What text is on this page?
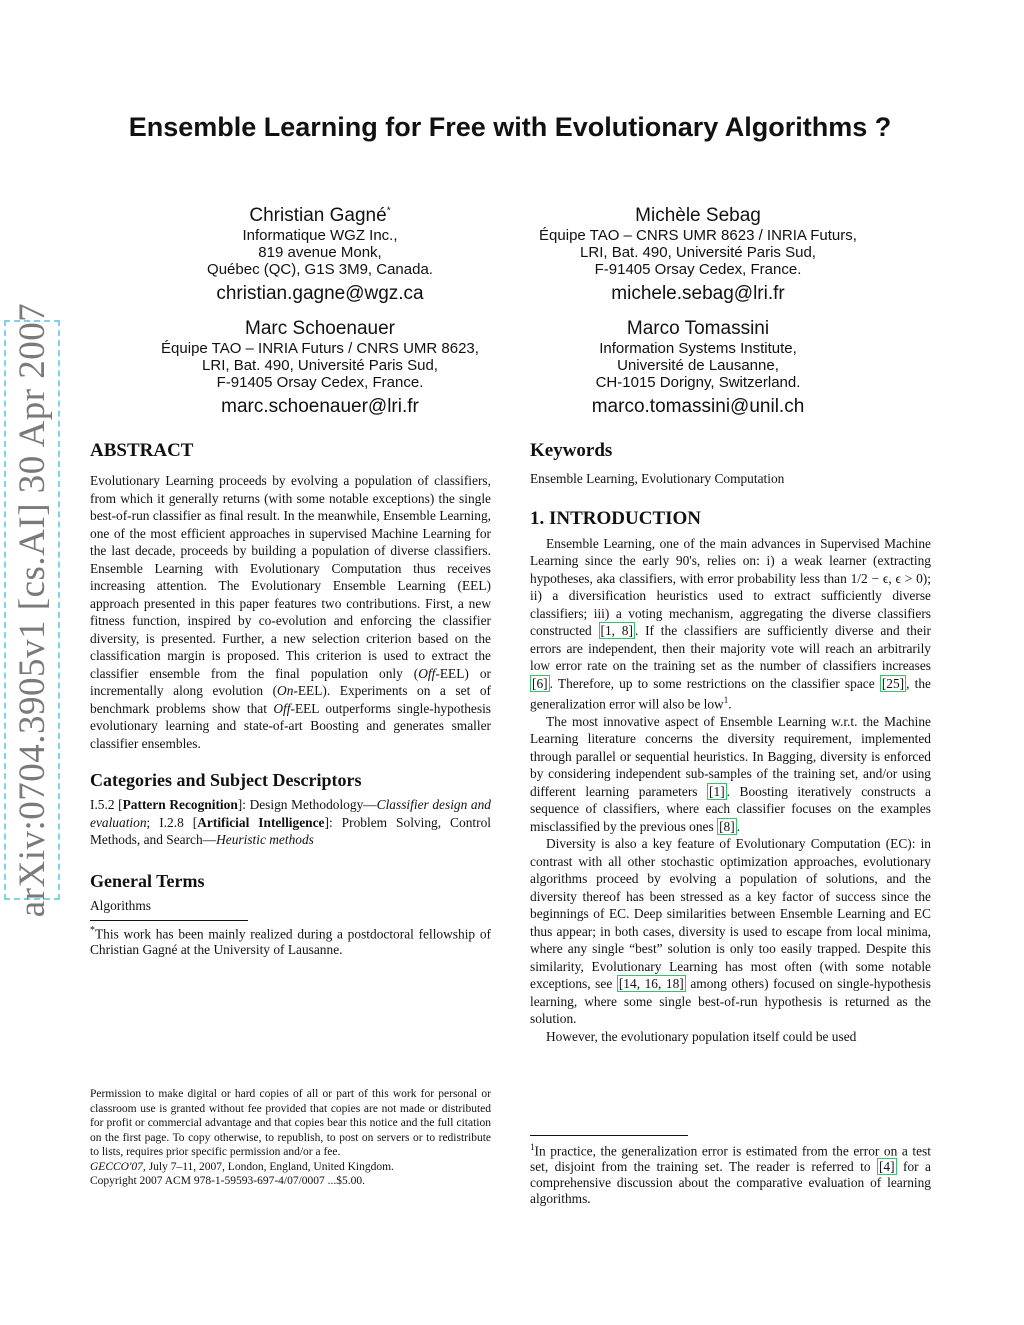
arXiv:0704.3905v1 [cs.AI] 30 Apr 2007
Ensemble Learning for Free with Evolutionary Algorithms ?
Christian Gagné*
Informatique WGZ Inc.,
819 avenue Monk,
Québec (QC), G1S 3M9, Canada.
christian.gagne@wgz.ca
Michèle Sebag
Équipe TAO – CNRS UMR 8623 / INRIA Futurs,
LRI, Bat. 490, Université Paris Sud,
F-91405 Orsay Cedex, France.
michele.sebag@lri.fr
Marc Schoenauer
Équipe TAO – INRIA Futurs / CNRS UMR 8623,
LRI, Bat. 490, Université Paris Sud,
F-91405 Orsay Cedex, France.
marc.schoenauer@lri.fr
Marco Tomassini
Information Systems Institute,
Université de Lausanne,
CH-1015 Dorigny, Switzerland.
marco.tomassini@unil.ch
ABSTRACT
Evolutionary Learning proceeds by evolving a population of classifiers, from which it generally returns (with some notable exceptions) the single best-of-run classifier as final result. In the meanwhile, Ensemble Learning, one of the most efficient approaches in supervised Machine Learning for the last decade, proceeds by building a population of diverse classifiers. Ensemble Learning with Evolutionary Computation thus receives increasing attention. The Evolutionary Ensemble Learning (EEL) approach presented in this paper features two contributions. First, a new fitness function, inspired by co-evolution and enforcing the classifier diversity, is presented. Further, a new selection criterion based on the classification margin is proposed. This criterion is used to extract the classifier ensemble from the final population only (Off-EEL) or incrementally along evolution (On-EEL). Experiments on a set of benchmark problems show that Off-EEL outperforms single-hypothesis evolutionary learning and state-of-art Boosting and generates smaller classifier ensembles.
Categories and Subject Descriptors
I.5.2 [Pattern Recognition]: Design Methodology—Classifier design and evaluation; I.2.8 [Artificial Intelligence]: Problem Solving, Control Methods, and Search—Heuristic methods
General Terms
Algorithms
*This work has been mainly realized during a postdoctoral fellowship of Christian Gagné at the University of Lausanne.
Permission to make digital or hard copies of all or part of this work for personal or classroom use is granted without fee provided that copies are not made or distributed for profit or commercial advantage and that copies bear this notice and the full citation on the first page. To copy otherwise, to republish, to post on servers or to redistribute to lists, requires prior specific permission and/or a fee.
GECCO'07, July 7–11, 2007, London, England, United Kingdom.
Copyright 2007 ACM 978-1-59593-697-4/07/0007 ...$5.00.
Keywords
Ensemble Learning, Evolutionary Computation
1. INTRODUCTION

Ensemble Learning, one of the main advances in Supervised Machine Learning since the early 90's, relies on: i) a weak learner (extracting hypotheses, aka classifiers, with error probability less than 1/2 − ϵ, ϵ > 0); ii) a diversification heuristics used to extract sufficiently diverse classifiers; iii) a voting mechanism, aggregating the diverse classifiers constructed [1, 8] . If the classifiers are sufficiently diverse and their errors are independent, then their majority vote will reach an arbitrarily low error rate on the training set as the number of classifiers increases [6] . Therefore, up to some restrictions on the classifier space [25] , the generalization error will also be low$^1$.

The most innovative aspect of Ensemble Learning w.r.t. the Machine Learning literature concerns the diversity requirement, implemented through parallel or sequential heuristics. In Bagging, diversity is enforced by considering independent sub-samples of the training set, and/or using different learning parameters [1] . Boosting iteratively constructs a sequence of classifiers, where each classifier focuses on the examples misclassified by the previous ones [8] .

Diversity is also a key feature of Evolutionary Computation (EC): in contrast with all other stochastic optimization approaches, evolutionary algorithms proceed by evolving a population of solutions, and the diversity thereof has been stressed as a key factor of success since the beginnings of EC. Deep similarities between Ensemble Learning and EC thus appear; in both cases, diversity is used to escape from local minima, where any single “best” solution is only too easily trapped. Despite this similarity, Evolutionary Learning has most often (with some notable exceptions, see [14, 16, 18] among others) focused on single-hypothesis learning, where some single best-of-run hypothesis is returned as the solution.

However, the evolutionary population itself could be used

$^1$In practice, the generalization error is estimated from the error on a test set, disjoint from the training set. The reader is referred to [4] for a comprehensive discussion about the comparative evaluation of learning algorithms.
